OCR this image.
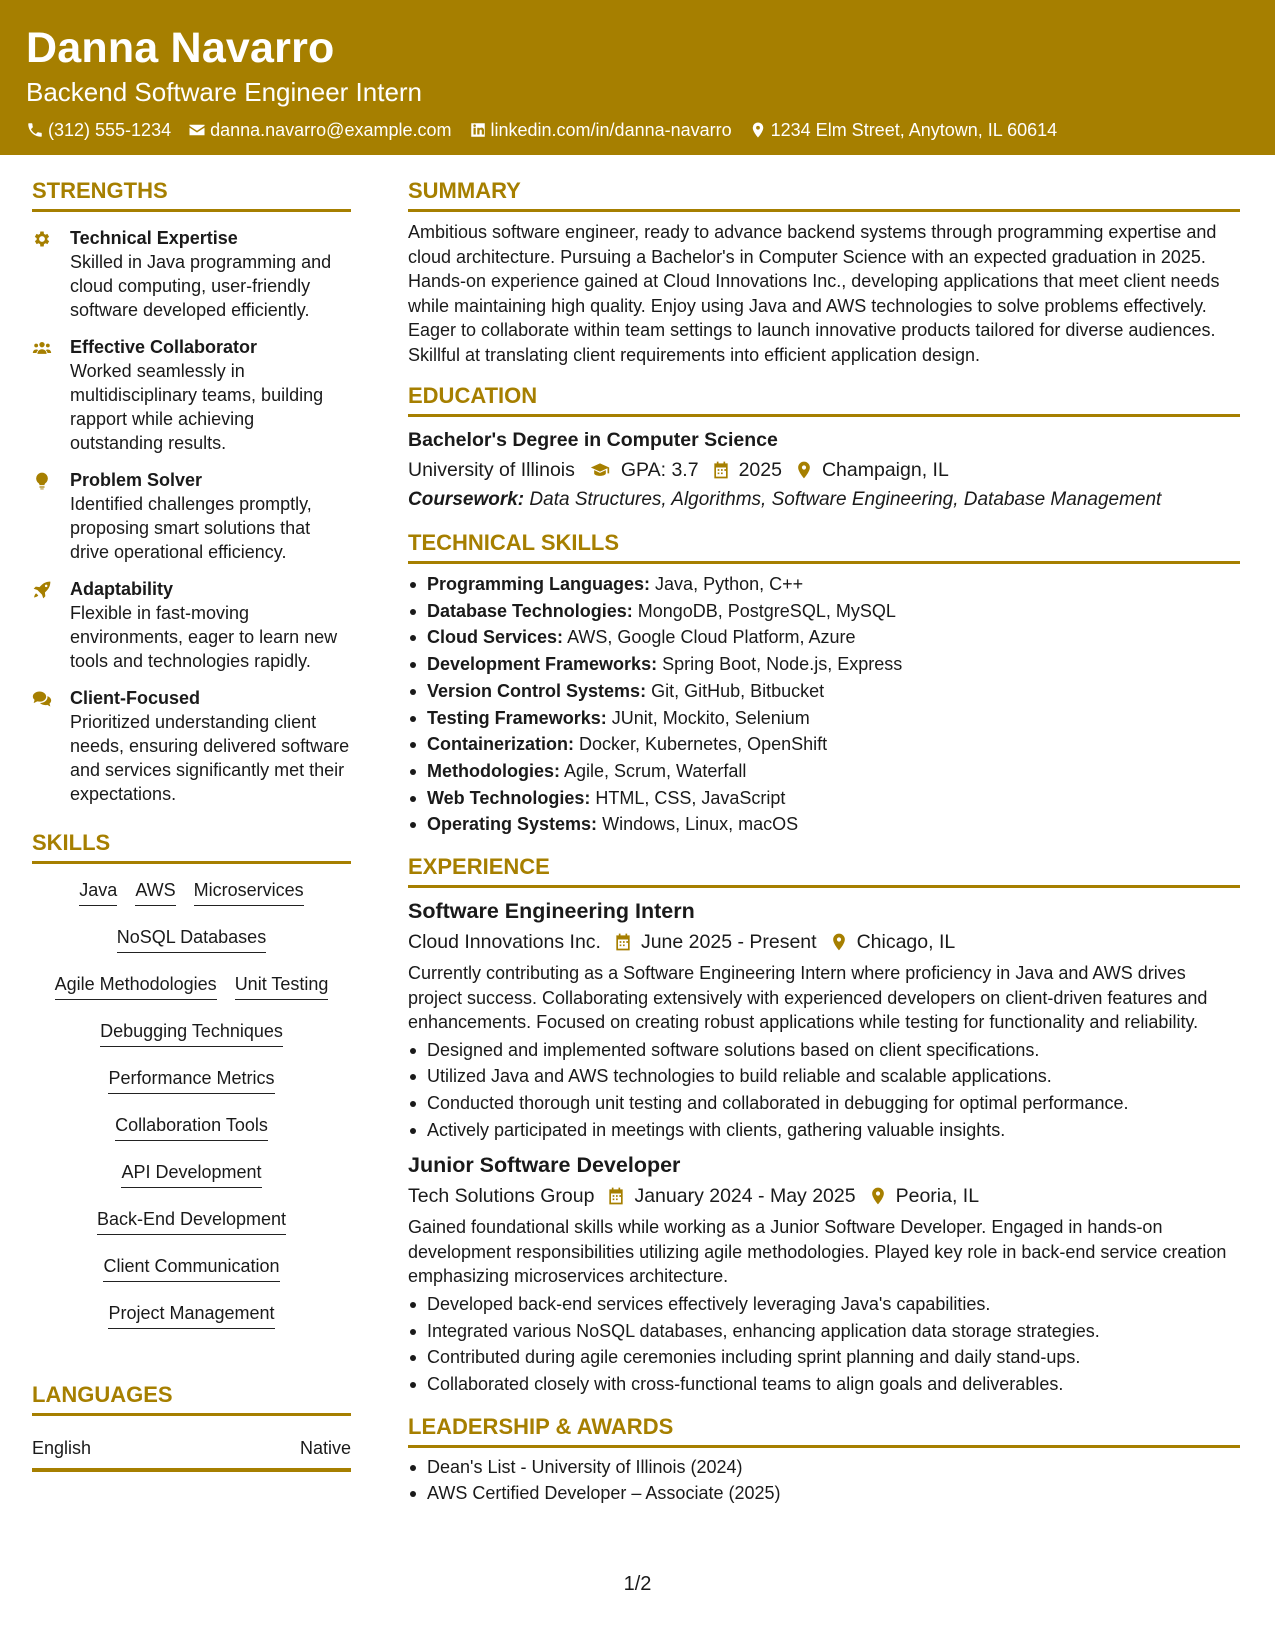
Danna Navarro
Backend Software Engineer Intern
(312) 555-1234 danna.navarro@example.com linkedin.com/in/danna-navarro 1234 Elm Street, Anytown, IL 60614
STRENGTHS
Technical Expertise
Skilled in Java programming and cloud computing, user-friendly software developed efficiently.
Effective Collaborator
Worked seamlessly in multidisciplinary teams, building rapport while achieving outstanding results.
Problem Solver
Identified challenges promptly, proposing smart solutions that drive operational efficiency.
Adaptability
Flexible in fast-moving environments, eager to learn new tools and technologies rapidly.
Client-Focused
Prioritized understanding client needs, ensuring delivered software and services significantly met their expectations.
SKILLS
Java AWS Microservices
NoSQL Databases
Agile Methodologies Unit Testing
Debugging Techniques
Performance Metrics
Collaboration Tools
API Development
Back-End Development
Client Communication
Project Management
LANGUAGES
English	Native
SUMMARY
Ambitious software engineer, ready to advance backend systems through programming expertise and cloud architecture. Pursuing a Bachelor's in Computer Science with an expected graduation in 2025. Hands-on experience gained at Cloud Innovations Inc., developing applications that meet client needs while maintaining high quality. Enjoy using Java and AWS technologies to solve problems effectively. Eager to collaborate within team settings to launch innovative products tailored for diverse audiences. Skillful at translating client requirements into efficient application design.
EDUCATION
Bachelor's Degree in Computer Science
University of Illinois GPA: 3.7 2025 Champaign, IL
Coursework: Data Structures, Algorithms, Software Engineering, Database Management
TECHNICAL SKILLS
Programming Languages: Java, Python, C++
Database Technologies: MongoDB, PostgreSQL, MySQL
Cloud Services: AWS, Google Cloud Platform, Azure
Development Frameworks: Spring Boot, Node.js, Express
Version Control Systems: Git, GitHub, Bitbucket
Testing Frameworks: JUnit, Mockito, Selenium
Containerization: Docker, Kubernetes, OpenShift
Methodologies: Agile, Scrum, Waterfall
Web Technologies: HTML, CSS, JavaScript
Operating Systems: Windows, Linux, macOS
EXPERIENCE
Software Engineering Intern
Cloud Innovations Inc. June 2025 - Present Chicago, IL
Currently contributing as a Software Engineering Intern where proficiency in Java and AWS drives project success. Collaborating extensively with experienced developers on client-driven features and enhancements. Focused on creating robust applications while testing for functionality and reliability.
Designed and implemented software solutions based on client specifications.
Utilized Java and AWS technologies to build reliable and scalable applications.
Conducted thorough unit testing and collaborated in debugging for optimal performance.
Actively participated in meetings with clients, gathering valuable insights.
Junior Software Developer
Tech Solutions Group January 2024 - May 2025 Peoria, IL
Gained foundational skills while working as a Junior Software Developer. Engaged in hands-on development responsibilities utilizing agile methodologies. Played key role in back-end service creation emphasizing microservices architecture.
Developed back-end services effectively leveraging Java's capabilities.
Integrated various NoSQL databases, enhancing application data storage strategies.
Contributed during agile ceremonies including sprint planning and daily stand-ups.
Collaborated closely with cross-functional teams to align goals and deliverables.
LEADERSHIP & AWARDS
Dean's List - University of Illinois (2024)
AWS Certified Developer – Associate (2025)
1/2
